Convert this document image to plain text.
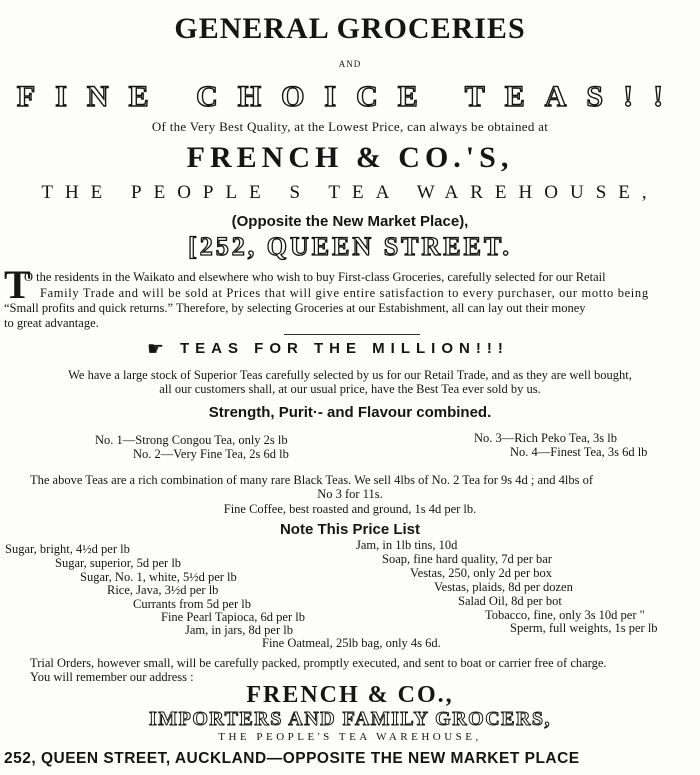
GENERAL GROCERIES
AND
FINE CHOICE TEAS!!
Of the Very Best Quality, at the Lowest Price, can always be obtained at
FRENCH & CO.'S,
THE PEOPLE S TEA WAREHOUSE,
(Opposite the New Market Place),
[252, QUEEN STREET.
T
O the residents in the Waikato and elsewhere who wish to buy First-class Groceries, carefully selected for our Retail
Family Trade and will be sold at Prices that will give entire satisfaction to every purchaser, our motto being
“Small profits and quick returns.” Therefore, by selecting Groceries at our Estabishment, all can lay out their money
to great advantage.
☛ TEAS FOR THE MILLION!!!
We have a large stock of Superior Teas carefully selected by us for our Retail Trade, and as they are well bought,
all our customers shall, at our usual price, have the Best Tea ever sold by us.
Strength, Purit·- and Flavour combined.
No. 1—Strong Congou Tea, only 2s lb
No. 2—Very Fine Tea, 2s 6d lb
No. 3—Rich Peko Tea, 3s lb
No. 4—Finest Tea, 3s 6d lb
The above Teas are a rich combination of many rare Black Teas. We sell 4lbs of No. 2 Tea for 9s 4d ; and 4lbs of
No 3 for 11s.
Fine Coffee, best roasted and ground, 1s 4d per lb.
Note This Price List
Sugar, bright, 4½d per lb
Sugar, superior, 5d per lb
Sugar, No. 1, white, 5½d per lb
Rice, Java, 3½d per lb
Currants from 5d per lb
Fine Pearl Tapioca, 6d per lb
Jam, in jars, 8d per lb
Jam, in 1lb tins, 10d
Soap, fine hard quality, 7d per bar
Vestas, 250, only 2d per box
Vestas, plaids, 8d per dozen
Salad Oil, 8d per bot
Tobacco, fine, only 3s 10d per "
Sperm, full weights, 1s per lb
Fine Oatmeal, 25lb bag, only 4s 6d.
Trial Orders, however small, will be carefully packed, promptly executed, and sent to boat or carrier free of charge.
You will remember our address :
FRENCH & CO.,
IMPORTERS AND FAMILY GROCERS,
THE PEOPLE'S TEA WAREHOUSE,
252, QUEEN STREET, AUCKLAND—OPPOSITE THE NEW MARKET PLACE
